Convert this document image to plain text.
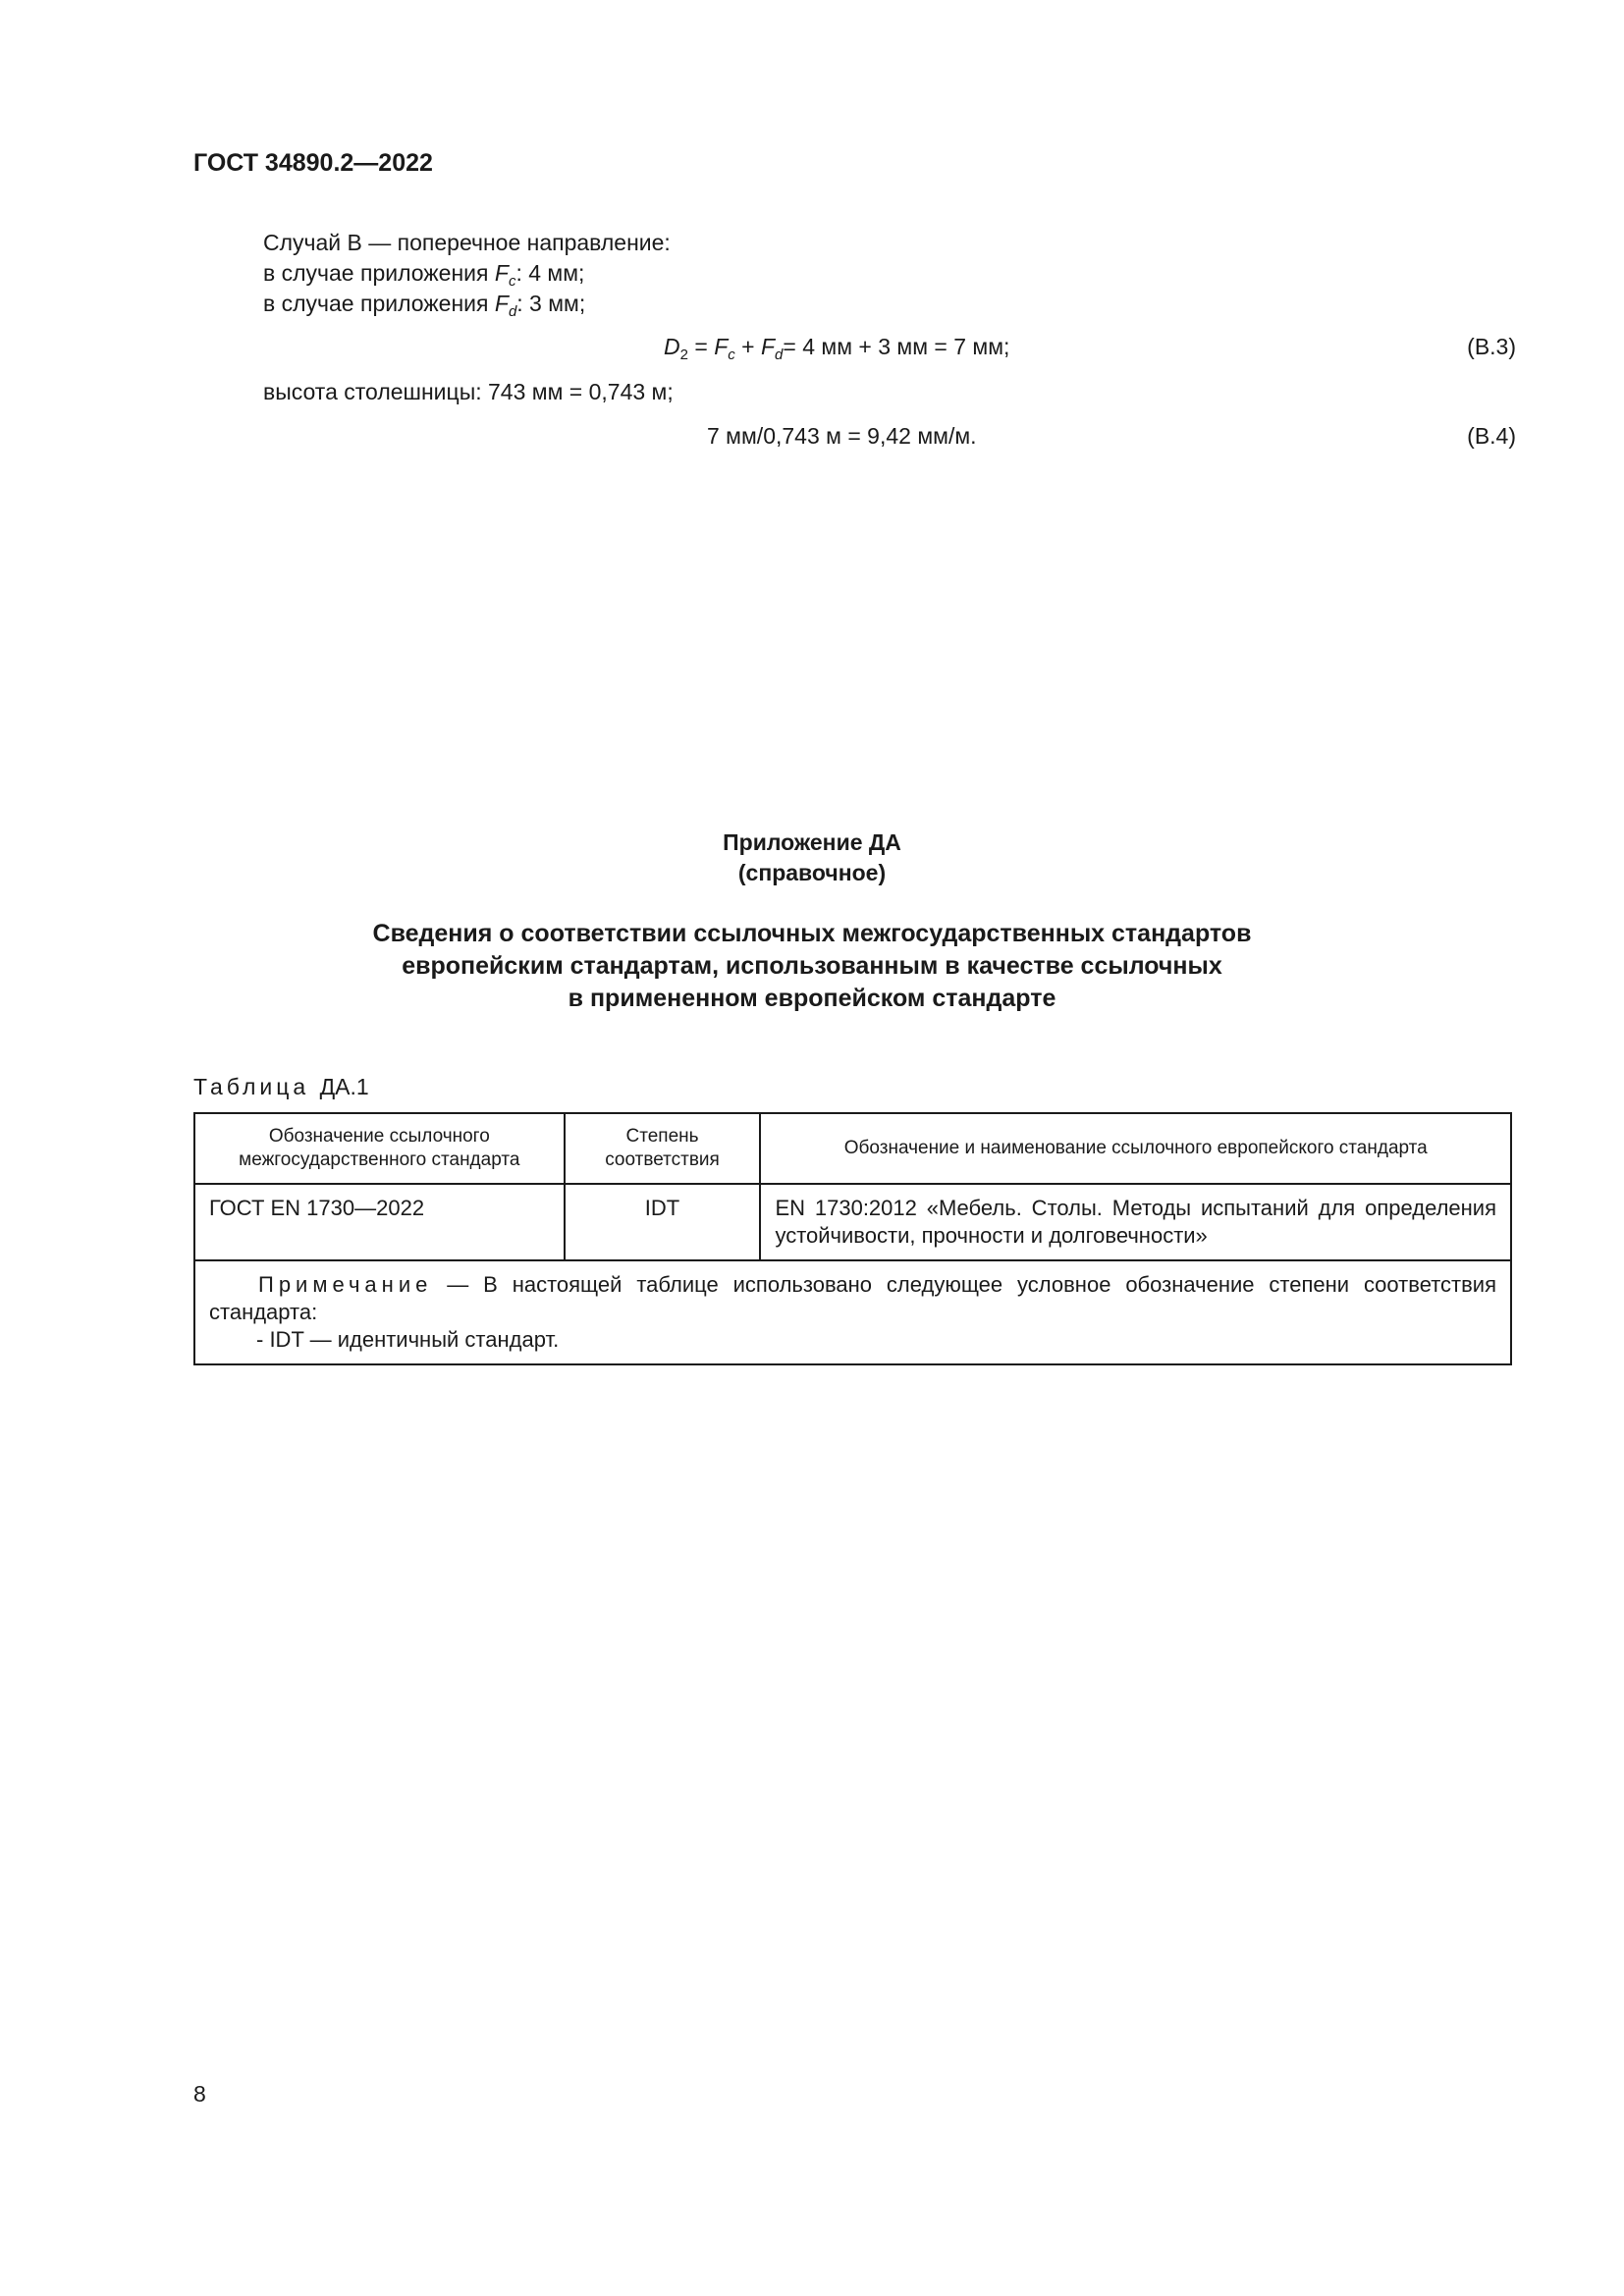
ГОСТ 34890.2—2022
Случай В — поперечное направление:
в случае приложения $F_c$: 4 мм;
в случае приложения $F_d$: 3 мм;
$D_2 = F_c + F_d= 4$ мм + 3 мм = 7 мм;	(B.3)
высота столешницы: 743 мм = 0,743 м;
7 мм/0,743 м = 9,42 мм/м.	(B.4)
Приложение ДА
(справочное)
Сведения о соответствии ссылочных межгосударственных стандартов
европейским стандартам, использованным в качестве ссылочных
в примененном европейском стандарте
Таблица ДА.1
Обозначение ссылочного межгосударственного стандарта	Степень соответствия	Обозначение и наименование ссылочного европейского стандарта
ГОСТ EN 1730—2022	IDT	EN 1730:2012 «Мебель. Столы. Методы испытаний для определения устойчивости, прочности и долговечности»

Примечание — В настоящей таблице использовано следующее условное обозначение степени соответствия стандарта:
- IDT — идентичный стандарт.		
8
